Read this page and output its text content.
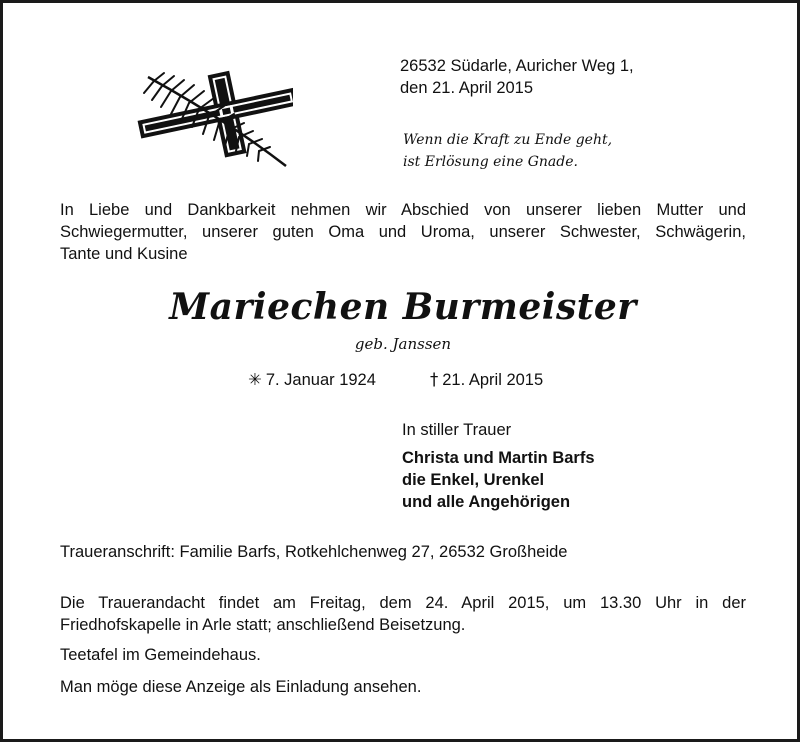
26532 Südarle, Auricher Weg 1,
den 21. April 2015
Wenn die Kraft zu Ende geht,
ist Erlösung eine Gnade.
In Liebe und Dankbarkeit nehmen wir Abschied von unserer lieben Mutter und
Schwiegermutter, unserer guten Oma und Uroma, unserer Schwester, Schwägerin,
Tante und Kusine
Mariechen Burmeister
geb. Janssen
✳ 7. Januar 1924	† 21. April 2015
In stiller Trauer
Christa und Martin Barfs
die Enkel, Urenkel
und alle Angehörigen
Traueranschrift: Familie Barfs, Rotkehlchenweg 27, 26532 Großheide
Die Trauerandacht findet am Freitag, dem 24. April 2015, um 13.30 Uhr in der
Friedhofskapelle in Arle statt; anschließend Beisetzung.
Teetafel im Gemeindehaus.
Man möge diese Anzeige als Einladung ansehen.
